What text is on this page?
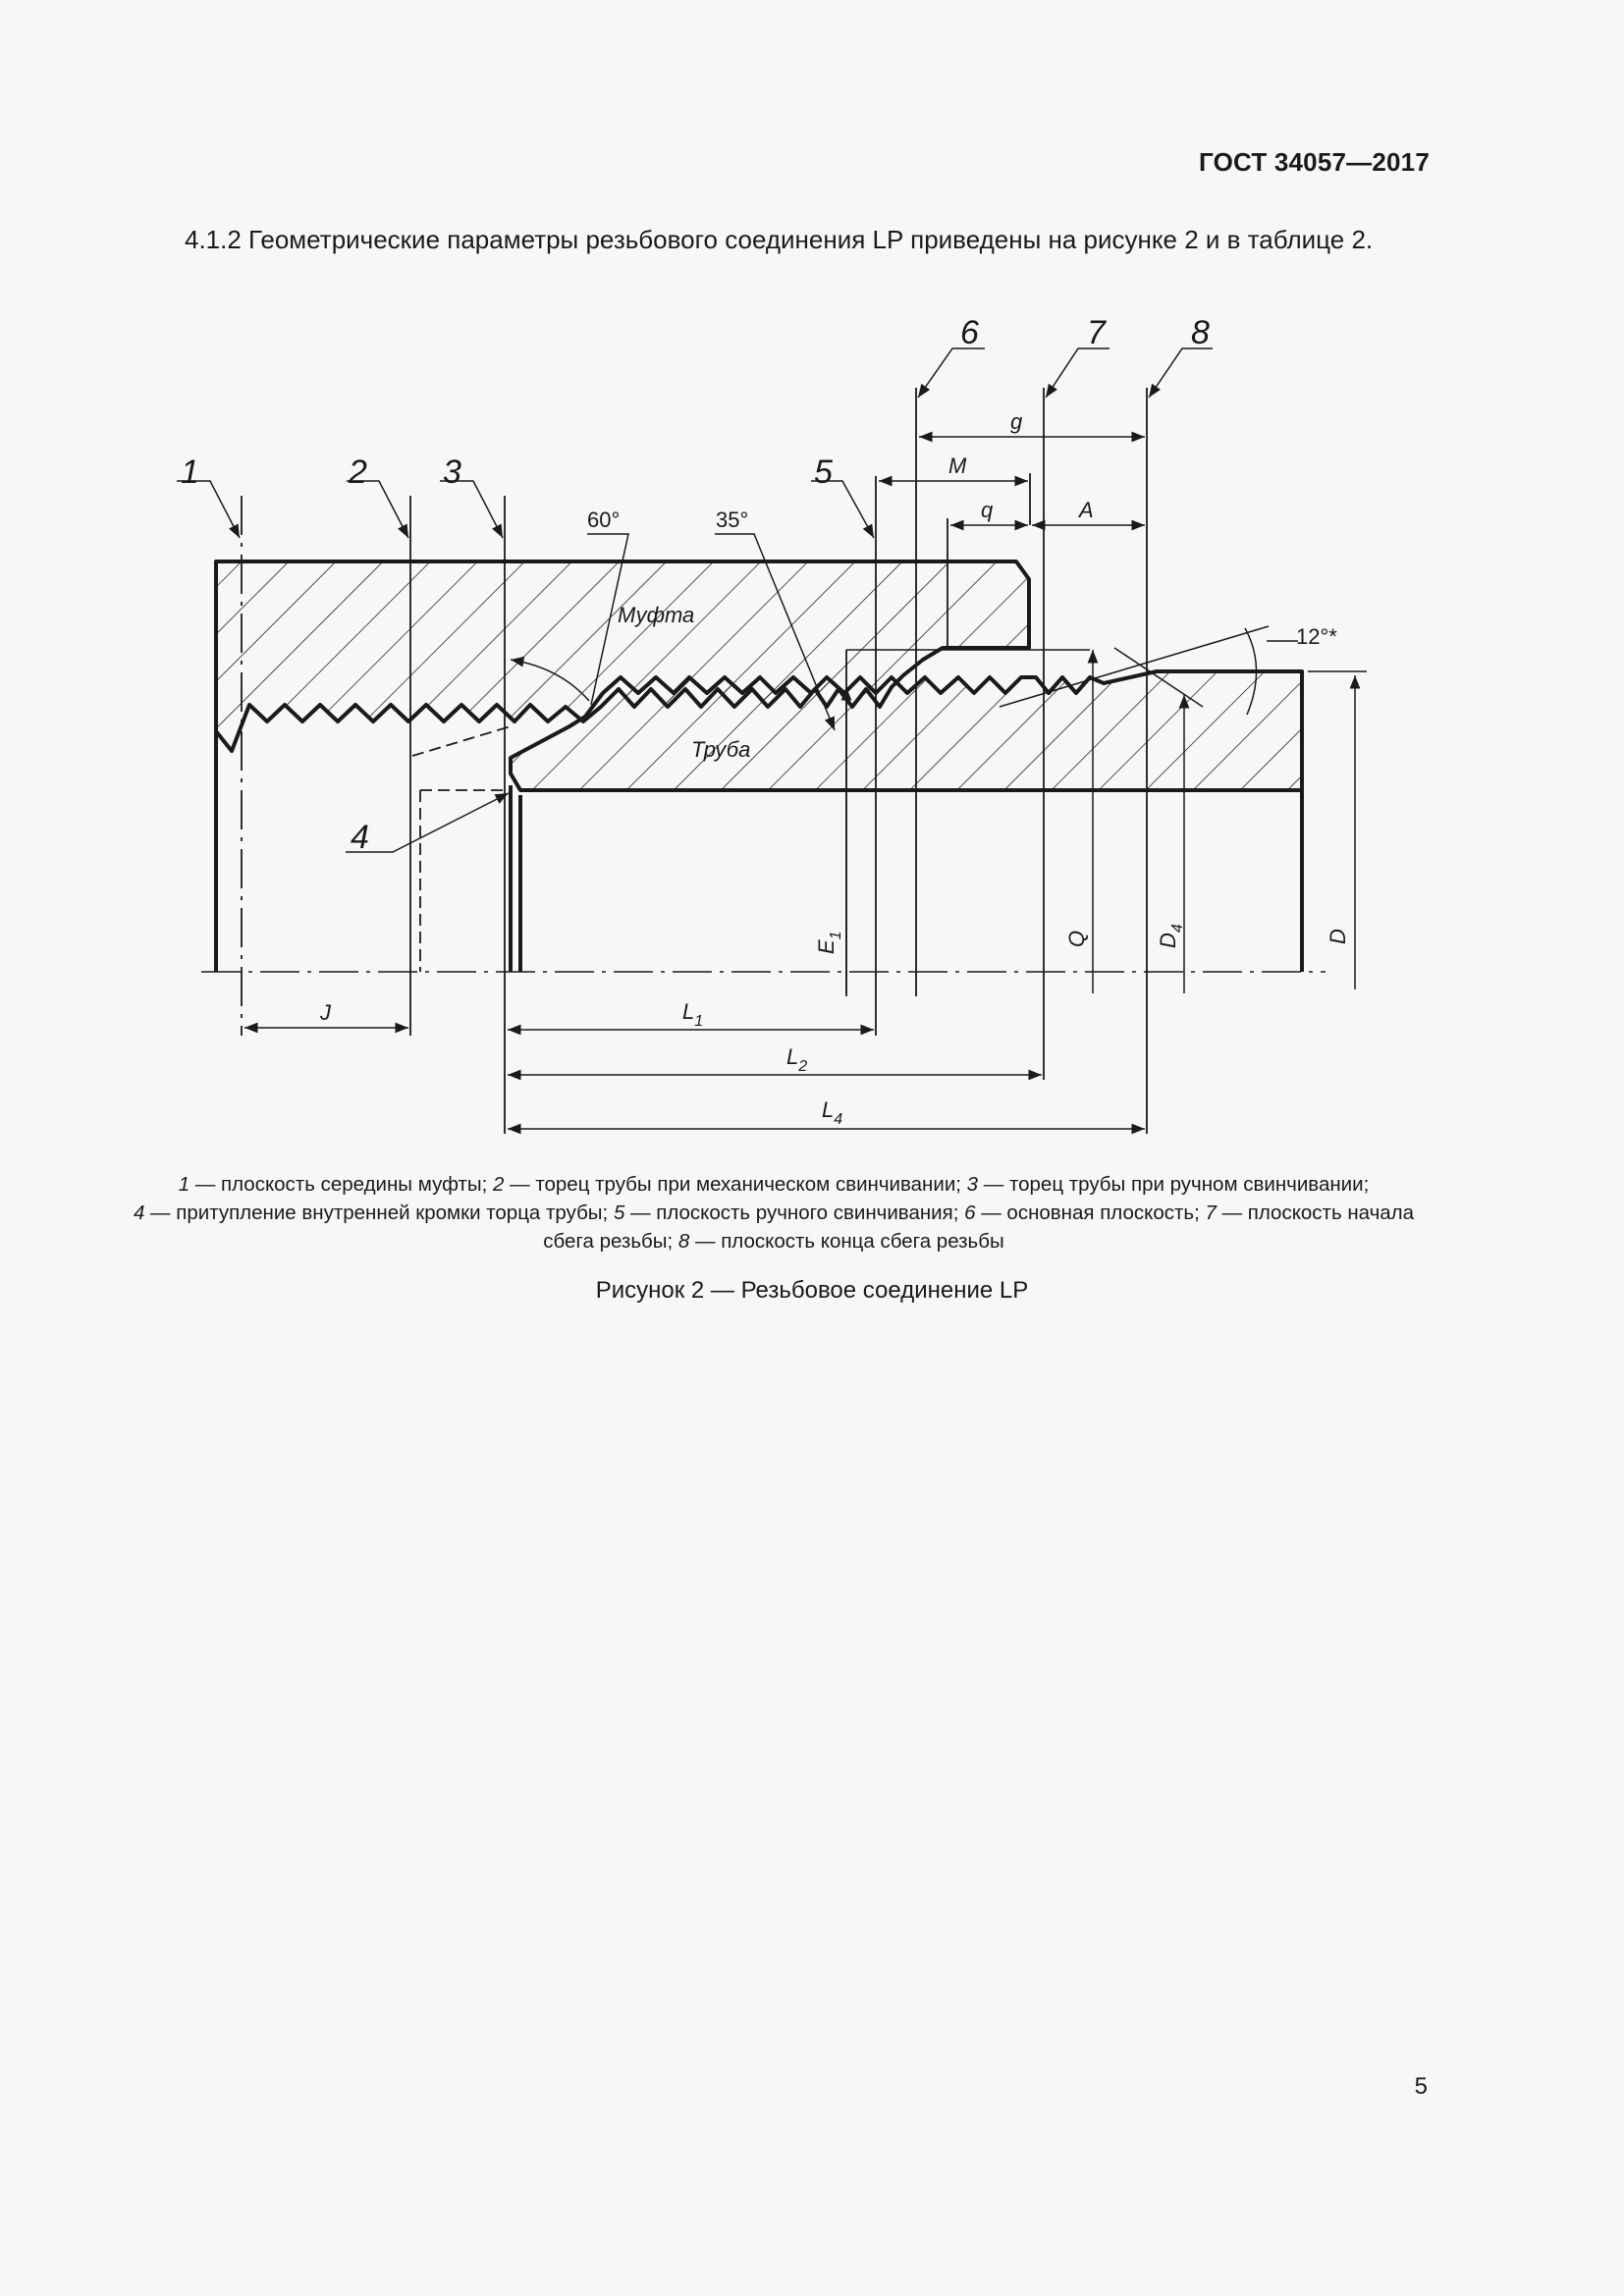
ГОСТ 34057—2017
4.1.2 Геометрические параметры резьбового соединения LP приведены на рисунке 2 и в таблице 2.
1	2 3
4
5
6	7	8
Муфта
Труба
60°	35°
12°*
g
M
q	A
J	$L_1$
$L_2$
$L_4$
$E_1$	Q	$D_4$
D
1 — плоскость середины муфты; 2 — торец трубы при механическом свинчивании; 3 — торец трубы при ручном свинчивании;
4 — притупление внутренней кромки торца трубы; 5 — плоскость ручного свинчивания; 6 — основная плоскость; 7 — плоскость начала сбега резьбы; 8 — плоскость конца сбега резьбы
Рисунок 2 — Резьбовое соединение LP
5
